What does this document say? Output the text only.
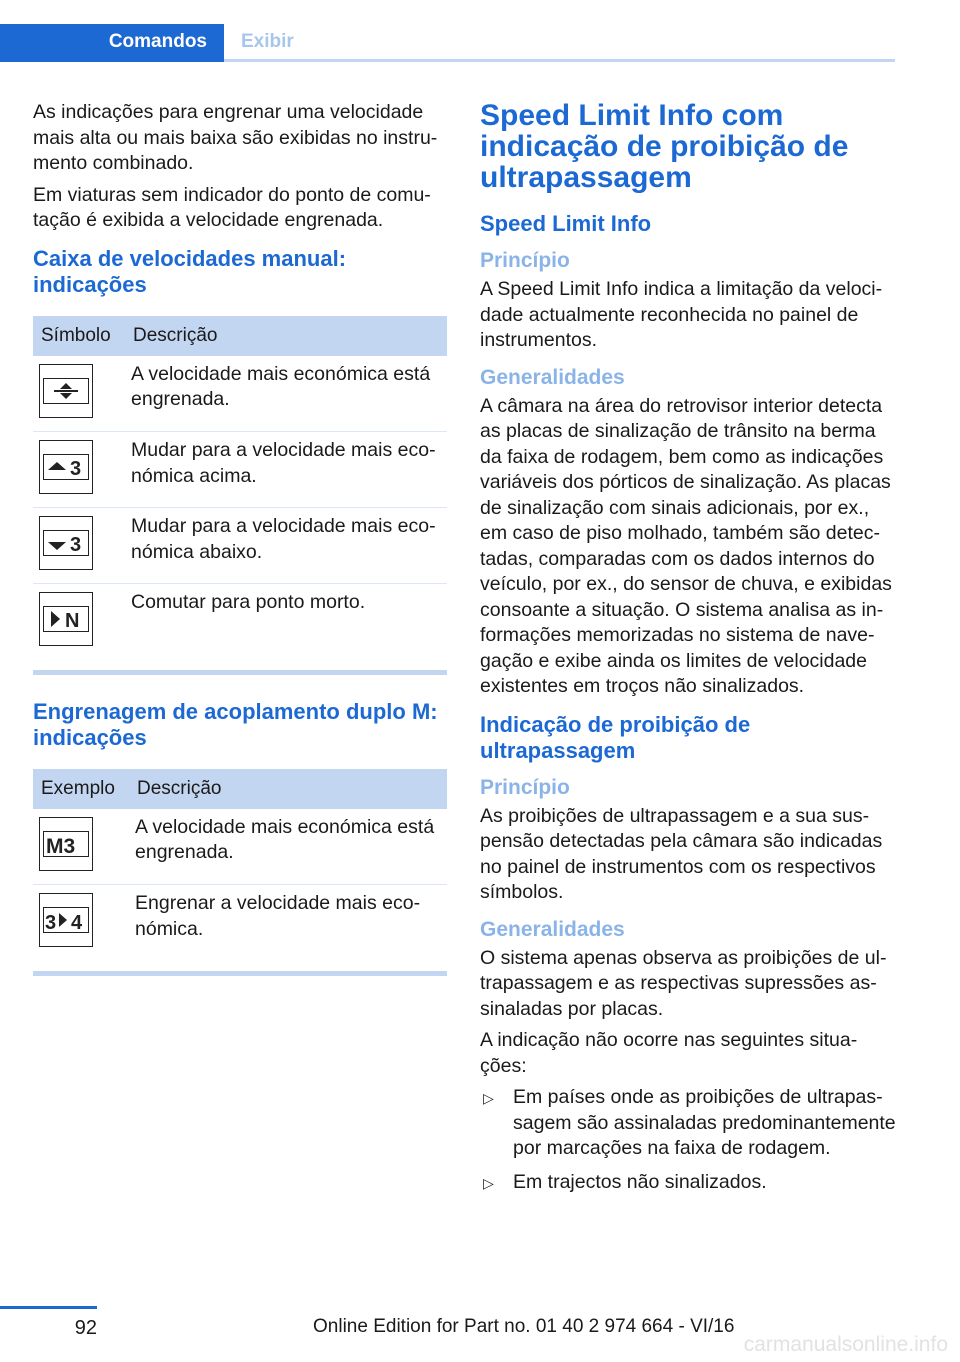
Comandos Exibir

As indicações para engrenar uma velocidade mais alta ou mais baixa são exibidas no instrumento combinado.

Em viaturas sem indicador do ponto de comutação é exibida a velocidade engrenada.

Caixa de velocidades manual: indicações
Símbolo	Descrição

	A velocidade mais económica está engrenada.

3	Mudar para a velocidade mais económica acima.

3	Mudar para a velocidade mais económica abaixo.

N	Comutar para ponto morto.
Engrenagem de acoplamento duplo M: indicações
Exemplo	Descrição

M3	A velocidade mais económica está engrenada.

3 4	Engrenar a velocidade mais económica.
Speed Limit Info com indicação de proibição de ultrapassagem
Speed Limit Info
Princípio

A Speed Limit Info indica a limitação da velocidade actualmente reconhecida no painel de instrumentos.

Generalidades

A câmara na área do retrovisor interior detecta as placas de sinalização de trânsito na berma da faixa de rodagem, bem como as indicações variáveis dos pórticos de sinalização. As placas de sinalização com sinais adicionais, por ex., em caso de piso molhado, também são detectadas, comparadas com os dados internos do veículo, por ex., do sensor de chuva, e exibidas consoante a situação. O sistema analisa as informações memorizadas no sistema de navegação e exibe ainda os limites de velocidade existentes em troços não sinalizados.

Indicação de proibição de ultrapassagem
Princípio

As proibições de ultrapassagem e a sua suspensão detectadas pela câmara são indicadas no painel de instrumentos com os respectivos símbolos.

Generalidades

O sistema apenas observa as proibições de ultrapassagem e as respectivas supressões assinaladas por placas.

A indicação não ocorre nas seguintes situações:

▷ Em países onde as proibições de ultrapassagem são assinaladas predominantemente por marcações na faixa de rodagem.
▷ Em trajectos não sinalizados.
92	Online Edition for Part no. 01 40 2 974 664 - VI/16
carmanualsonline.info
